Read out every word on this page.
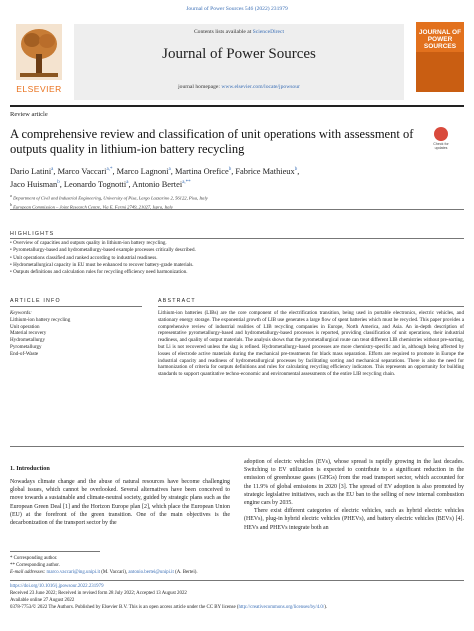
Journal of Power Sources 546 (2022) 231979
ELSEVIER
Contents lists available at ScienceDirect
Journal of Power Sources
journal homepage: www.elsevier.com/locate/jpowsour
JOURNAL OF POWER SOURCES
Review article
Check for updates
A comprehensive review and classification of unit operations with assessment of outputs quality in lithium-ion battery recycling
Dario Latini$^a$, Marco Vaccari$^{a,*}$, Marco Lagnoni$^a$, Martina Orefice$^b$, Fabrice Mathieux$^b$,
Jaco Huisman$^b$, Leonardo Tognotti$^a$, Antonio Bertei$^{a,**}$
$^a$ Department of Civil and Industrial Engineering, University of Pisa, Largo Lazzarino 2, 56122, Pisa, Italy
$^b$ European Commission – Joint Research Centre, Via E. Fermi 2749, 21027, Ispra, Italy
HIGHLIGHTS
• Overview of capacities and outputs quality in lithium-ion battery recycling.
• Pyrometallurgy-based and hydrometallurgy-based example processes critically described.
• Unit operations classified and ranked according to industrial readiness.
• Hydrometallurgical capacity in EU must be enhanced to recover battery-grade materials.
• Outputs definitions and calculation rules for recycling efficiency need harmonization.
ARTICLE INFO
Keywords:
Lithium-ion battery recycling
Unit operation
Material recovery
Hydrometallurgy
Pyrometallurgy
End-of-Waste
ABSTRACT
Lithium-ion batteries (LIBs) are the core component of the electrification transition, being used in portable electronics, electric vehicles, and stationary energy storage. The exponential growth of LIB use generates a large flow of spent batteries which must be recycled. This paper provides a comprehensive review of industrial realities of LIB recycling companies in Europe, North America, and Asia. An in-depth description of representative pyrometallurgy-based and hydrometallurgy-based processes is reported, providing classification of unit operations, their industrial readiness, and quality of output materials. The analysis shows that the pyrometallurgical route can treat different LIB chemistries without pre-sorting, but Li is not recovered unless the slag is refined. Hydrometallurgy-based processes are more chemistry-specific and in, although being affected by losses of electrode active materials during the mechanical pre-treatments for black mass separation. Efforts are required to promote in Europe the industrial capacity and readiness of hydrometallurgical processes by facilitating sorting and mechanical separations. There is also the need for harmonization of criteria for outputs definitions and rules for calculating recycling efficiency indicators. This represents an opportunity for building standards to support quantitative techno-economic and environmental assessments of the entire LIB recycling chain.
1. Introduction
Nowadays climate change and the abuse of natural resources have become challenging global issues, which cannot be overlooked. Several alternatives have been conceived to move towards a sustainable and climate-neutral society, guided by strategic plans such as the European Green Deal [1] and the Horizon Europe plan [2], which place the European Union (EU) at the forefront of the green transition. One of the main objectives is the decarbonization of the transport sector by the

adoption of electric vehicles (EVs), whose spread is rapidly growing in the last decades. Switching to EV utilization is expected to contribute to a significant reduction in the emission of greenhouse gases (GHGs) from the road transport sector, which accounted for the 11.9% of global emissions in 2020 [3]. The spread of EV adoption is also promoted by strategic legislative initiatives, such as the EU ban to the selling of new internal combustion engine cars by 2035.

There exist different categories of electric vehicles, such as hybrid electric vehicles (HEVs), plug-in hybrid electric vehicles (PHEVs), and battery electric vehicles (BEVs) [4]. HEVs and PHEVs integrate both an

* Corresponding author.
** Corresponding author.
E-mail addresses: marco.vaccari@ing.unipi.it (M. Vaccari), antonio.bertei@unipi.it (A. Bertei).
https://doi.org/10.1016/j.jpowsour.2022.231979
Received 23 June 2022; Received in revised form 28 July 2022; Accepted 13 August 2022
Available online 27 August 2022
0378-7753/© 2022 The Authors. Published by Elsevier B.V. This is an open access article under the CC BY license (http://creativecommons.org/licenses/by/4.0/).
